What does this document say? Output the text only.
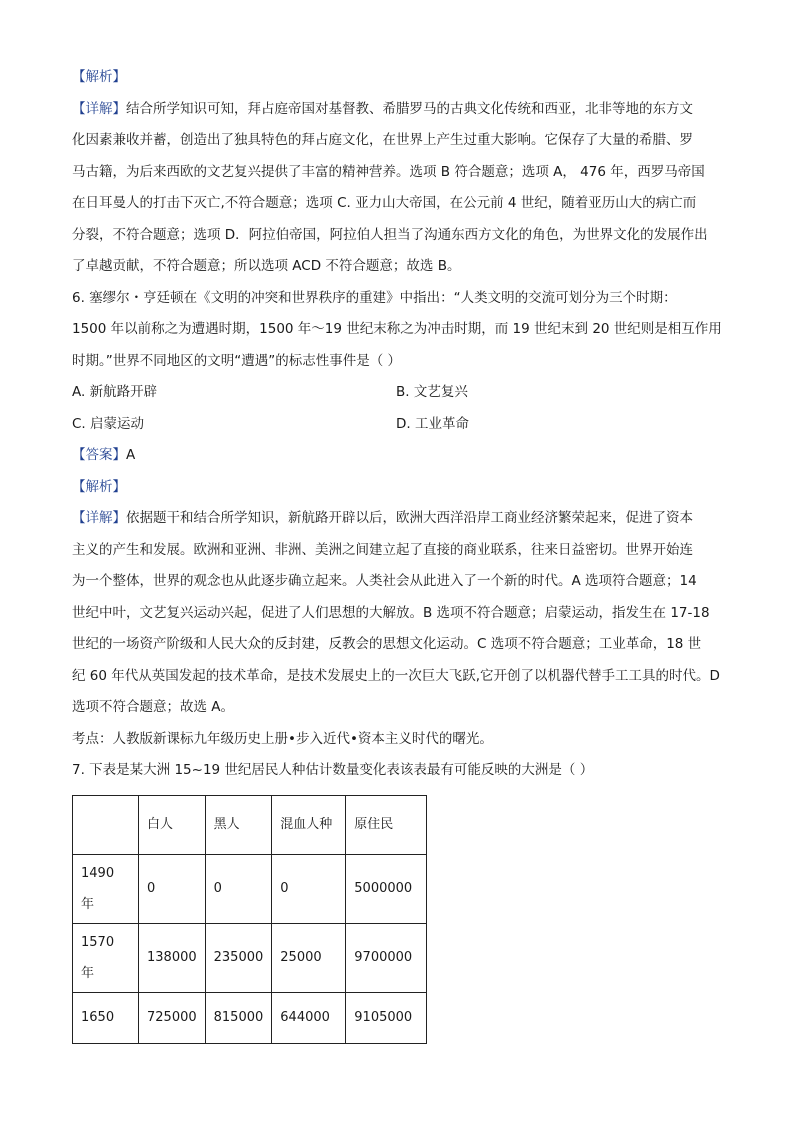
【解析】
【详解】结合所学知识可知，拜占庭帝国对基督教、希腊罗马的古典文化传统和西亚，北非等地的东方文
化因素兼收并蓄，创造出了独具特色的拜占庭文化，在世界上产生过重大影响。它保存了大量的希腊、罗
马古籍，为后来西欧的文艺复兴提供了丰富的精神营养。选项 B 符合题意；选项 A， 476 年，西罗马帝国
在日耳曼人的打击下灭亡,不符合题意；选项 C. 亚力山大帝国，在公元前 4 世纪，随着亚历山大的病亡而
分裂，不符合题意；选项 D．阿拉伯帝国，阿拉伯人担当了沟通东西方文化的角色，为世界文化的发展作出
了卓越贡献，不符合题意；所以选项 ACD 不符合题意；故选 B。
6. 塞缪尔・亨廷顿在《文明的冲突和世界秩序的重建》中指出：“人类文明的交流可划分为三个时期：
1500 年以前称之为遭遇时期，1500 年～19 世纪末称之为冲击时期，而 19 世纪末到 20 世纪则是相互作用
时期。”世界不同地区的文明“遭遇”的标志性事件是（ ）
A. 新航路开辟	B. 文艺复兴
C. 启蒙运动	D. 工业革命
【答案】A
【解析】
【详解】依据题干和结合所学知识，新航路开辟以后，欧洲大西洋沿岸工商业经济繁荣起来，促进了资本
主义的产生和发展。欧洲和亚洲、非洲、美洲之间建立起了直接的商业联系，往来日益密切。世界开始连
为一个整体，世界的观念也从此逐步确立起来。人类社会从此进入了一个新的时代。A 选项符合题意；14
世纪中叶，文艺复兴运动兴起，促进了人们思想的大解放。B 选项不符合题意；启蒙运动，指发生在 17-18
世纪的一场资产阶级和人民大众的反封建，反教会的思想文化运动。C 选项不符合题意；工业革命，18 世
纪 60 年代从英国发起的技术革命，是技术发展史上的一次巨大飞跃,它开创了以机器代替手工工具的时代。D
选项不符合题意；故选 A。
考点：人教版新课标九年级历史上册•步入近代•资本主义时代的曙光。
7. 下表是某大洲 15~19 世纪居民人种估计数量变化表该表最有可能反映的大洲是（ ）
	白人	黑人	混血人种	原住民
1490 年	0	0	0	5000000
1570 年	138000	235000	25000	9700000
1650	725000	815000	644000	9105000
